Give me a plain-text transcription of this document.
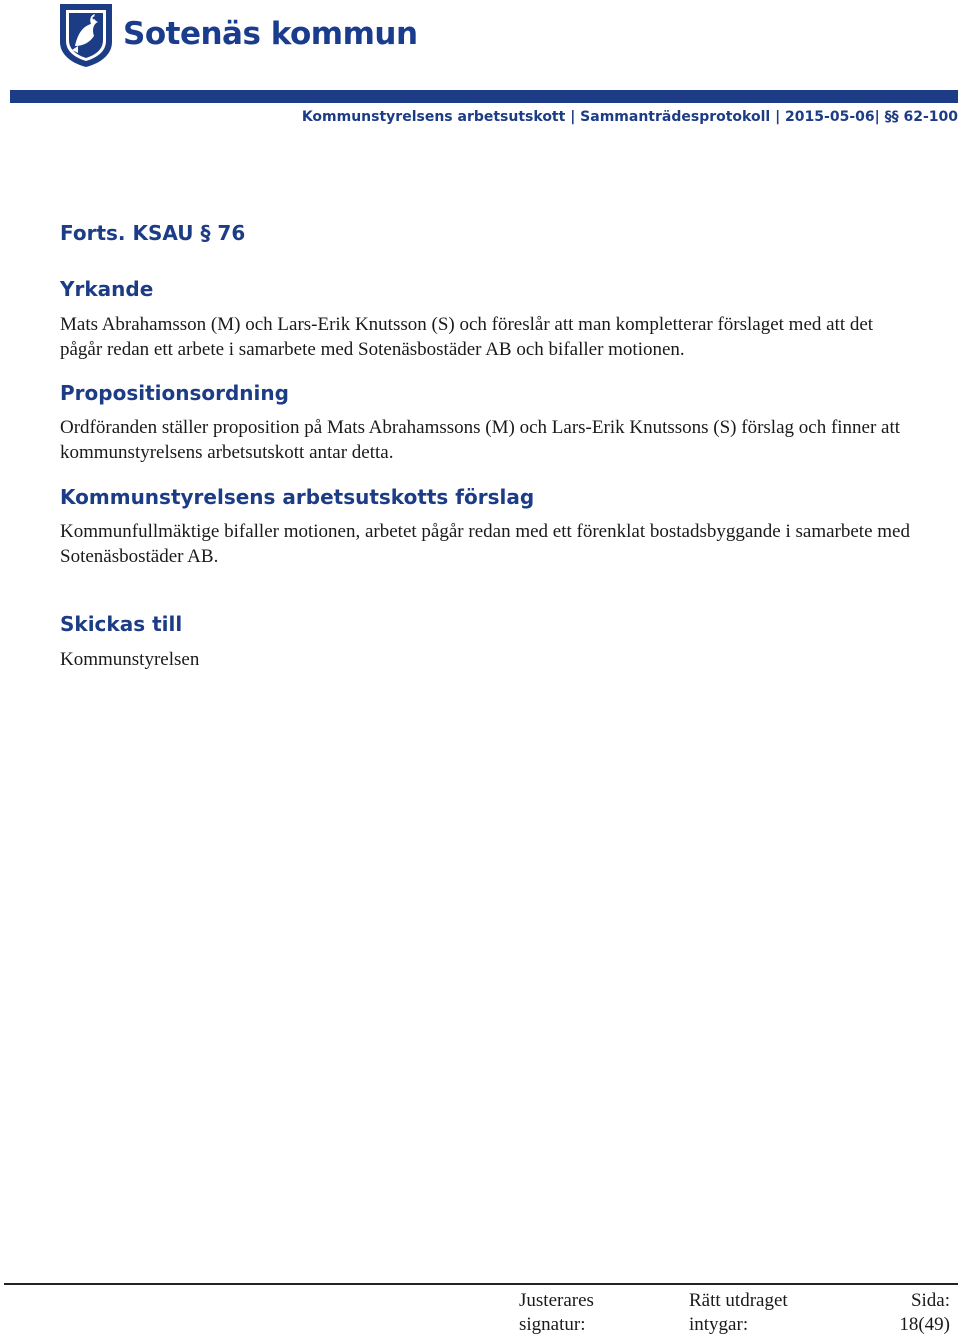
Sotenäs kommun
Kommunstyrelsens arbetsutskott | Sammanträdesprotokoll | 2015-05-06| §§ 62-100
Forts. KSAU § 76
Yrkande

Mats Abrahamsson (M) och Lars-Erik Knutsson (S) och föreslår att man kompletterar förslaget med att det pågår redan ett arbete i samarbete med Sotenäsbostäder AB och bifaller motionen.

Propositionsordning

Ordföranden ställer proposition på Mats Abrahamssons (M) och Lars-Erik Knutssons (S) förslag och finner att kommunstyrelsens arbetsutskott antar detta.

Kommunstyrelsens arbetsutskotts förslag

Kommunfullmäktige bifaller motionen, arbetet pågår redan med ett förenklat bostadsbyggande i samarbete med Sotenäsbostäder AB.

Skickas till

Kommunstyrelsen

Justerares
signatur:
Rätt utdraget
intygar:
Sida:
18(49)
